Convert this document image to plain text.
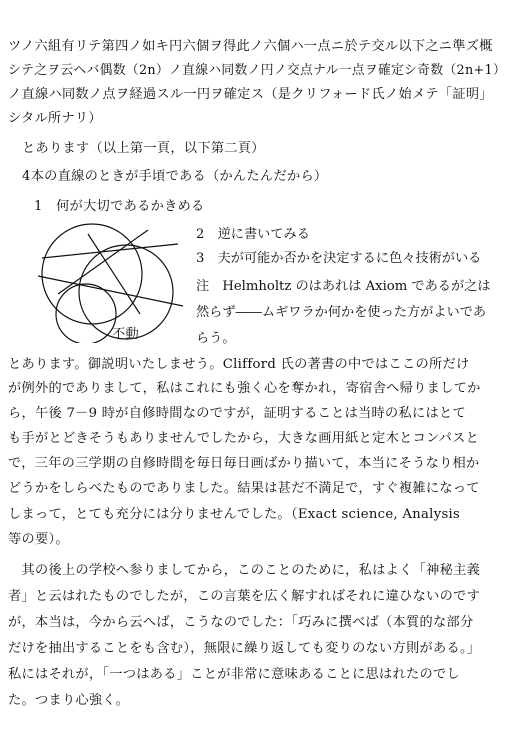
ツノ六組有リテ第四ノ如キ円六個ヲ得此ノ六個ハ一点ニ於テ交ル以下之ニ準ズ概
シテ之ヲ云ヘバ偶数（2n）ノ直線ハ同数ノ円ノ交点ナル一点ヲ確定シ奇数（2n+1）
ノ直線ハ同数ノ点ヲ経過スル一円ヲ確定ス（是クリフォード氏ノ始メテ「証明」
シタル所ナリ）
とあります（以上第一頁，以下第二頁）
4本の直線のときが手頃である（かんたんだから）
1　何が大切であるかきめる
不動
2　逆に書いてみる
3　夫が可能か否かを決定するに色々技術がいる
注　Helmholtz のはあれは Axiom であるが之は
然らず――ムギワラか何かを使った方がよいであ
らう。
とあります。御説明いたしませう。Clifford 氏の著書の中ではここの所だけ
が例外的でありまして，私はこれにも強く心を奪かれ，寄宿舎へ帰りましてか
ら，午後 7－9 時が自修時間なのですが，証明することは当時の私にはとて
も手がとどきそうもありませんでしたから，大きな画用紙と定木とコンパスと
で，三年の三学期の自修時間を毎日毎日画ばかり描いて，本当にそうなり相か
どうかをしらべたものでありました。結果は甚だ不満足で，すぐ複雑になって
しまって，とても充分には分りませんでした。（Exact science, Analysis
等の要）。
　其の後上の学校へ参りましてから，このことのために，私はよく「神秘主義
者」と云はれたものでしたが，この言葉を広く解すればそれに違ひないのです
が，本当は，今から云へば，こうなのでした：「巧みに撰べば（本質的な部分
だけを抽出することをも含む），無限に繰り返しても変りのない方則がある。」
私にはそれが，「一つはある」ことが非常に意味あることに思はれたのでし
た。つまり心強く。
